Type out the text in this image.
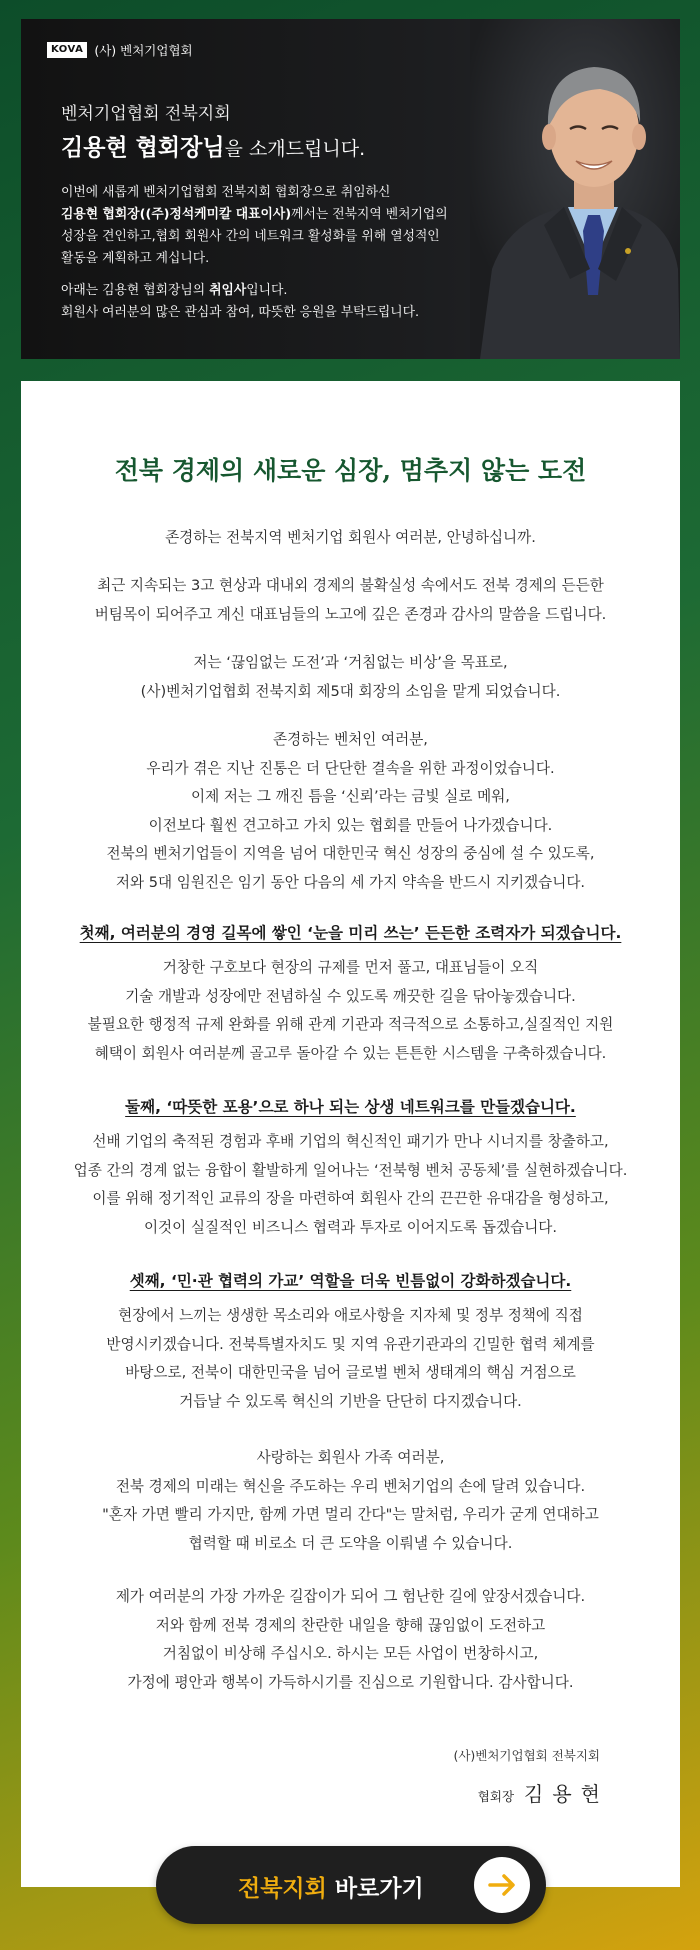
KOVA (사) 벤처기업협회
벤처기업협회 전북지회
김용현 협회장님을 소개드립니다.

이번에 새롭게 벤처기업협회 전북지회 협회장으로 취임하신

김용현 협회장((주)정석케미칼 대표이사)께서는 전북지역 벤처기업의

성장을 견인하고,협회 회원사 간의 네트워크 활성화를 위해 열성적인

활동을 계획하고 계십니다.

아래는 김용현 협회장님의 취임사입니다.

회원사 여러분의 많은 관심과 참여, 따뜻한 응원을 부탁드립니다.

전북 경제의 새로운 심장, 멈추지 않는 도전
존경하는 전북지역 벤처기업 회원사 여러분, 안녕하십니까.
최근 지속되는 3고 현상과 대내외 경제의 불확실성 속에서도 전북 경제의 든든한
버팀목이 되어주고 계신 대표님들의 노고에 깊은 존경과 감사의 말씀을 드립니다.
저는 ‘끊임없는 도전’과 ‘거침없는 비상’을 목표로,
(사)벤처기업협회 전북지회 제5대 회장의 소임을 맡게 되었습니다.
존경하는 벤처인 여러분,
우리가 겪은 지난 진통은 더 단단한 결속을 위한 과정이었습니다.
이제 저는 그 깨진 틈을 ‘신뢰’라는 금빛 실로 메워,
이전보다 훨씬 견고하고 가치 있는 협회를 만들어 나가겠습니다.
전북의 벤처기업들이 지역을 넘어 대한민국 혁신 성장의 중심에 설 수 있도록,
저와 5대 임원진은 임기 동안 다음의 세 가지 약속을 반드시 지키겠습니다.
첫째, 여러분의 경영 길목에 쌓인 ‘눈을 미리 쓰는’ 든든한 조력자가 되겠습니다.
거창한 구호보다 현장의 규제를 먼저 풀고, 대표님들이 오직
기술 개발과 성장에만 전념하실 수 있도록 깨끗한 길을 닦아놓겠습니다.
불필요한 행정적 규제 완화를 위해 관계 기관과 적극적으로 소통하고,실질적인 지원
혜택이 회원사 여러분께 골고루 돌아갈 수 있는 튼튼한 시스템을 구축하겠습니다.
둘째, ‘따뜻한 포용’으로 하나 되는 상생 네트워크를 만들겠습니다.
선배 기업의 축적된 경험과 후배 기업의 혁신적인 패기가 만나 시너지를 창출하고,
업종 간의 경계 없는 융합이 활발하게 일어나는 ‘전북형 벤처 공동체’를 실현하겠습니다.
이를 위해 정기적인 교류의 장을 마련하여 회원사 간의 끈끈한 유대감을 형성하고,
이것이 실질적인 비즈니스 협력과 투자로 이어지도록 돕겠습니다.
셋째, ‘민·관 협력의 가교’ 역할을 더욱 빈틈없이 강화하겠습니다.
현장에서 느끼는 생생한 목소리와 애로사항을 지자체 및 정부 정책에 직접
반영시키겠습니다. 전북특별자치도 및 지역 유관기관과의 긴밀한 협력 체계를
바탕으로, 전북이 대한민국을 넘어 글로벌 벤처 생태계의 핵심 거점으로
거듭날 수 있도록 혁신의 기반을 단단히 다지겠습니다.
사랑하는 회원사 가족 여러분,
전북 경제의 미래는 혁신을 주도하는 우리 벤처기업의 손에 달려 있습니다.
"혼자 가면 빨리 가지만, 함께 가면 멀리 간다"는 말처럼, 우리가 굳게 연대하고
협력할 때 비로소 더 큰 도약을 이뤄낼 수 있습니다.
제가 여러분의 가장 가까운 길잡이가 되어 그 험난한 길에 앞장서겠습니다.
저와 함께 전북 경제의 찬란한 내일을 향해 끊임없이 도전하고
거침없이 비상해 주십시오. 하시는 모든 사업이 번창하시고,
가정에 평안과 행복이 가득하시기를 진심으로 기원합니다. 감사합니다.
(사)벤처기업협회 전북지회
협회장 김용현
전북지회 바로가기
